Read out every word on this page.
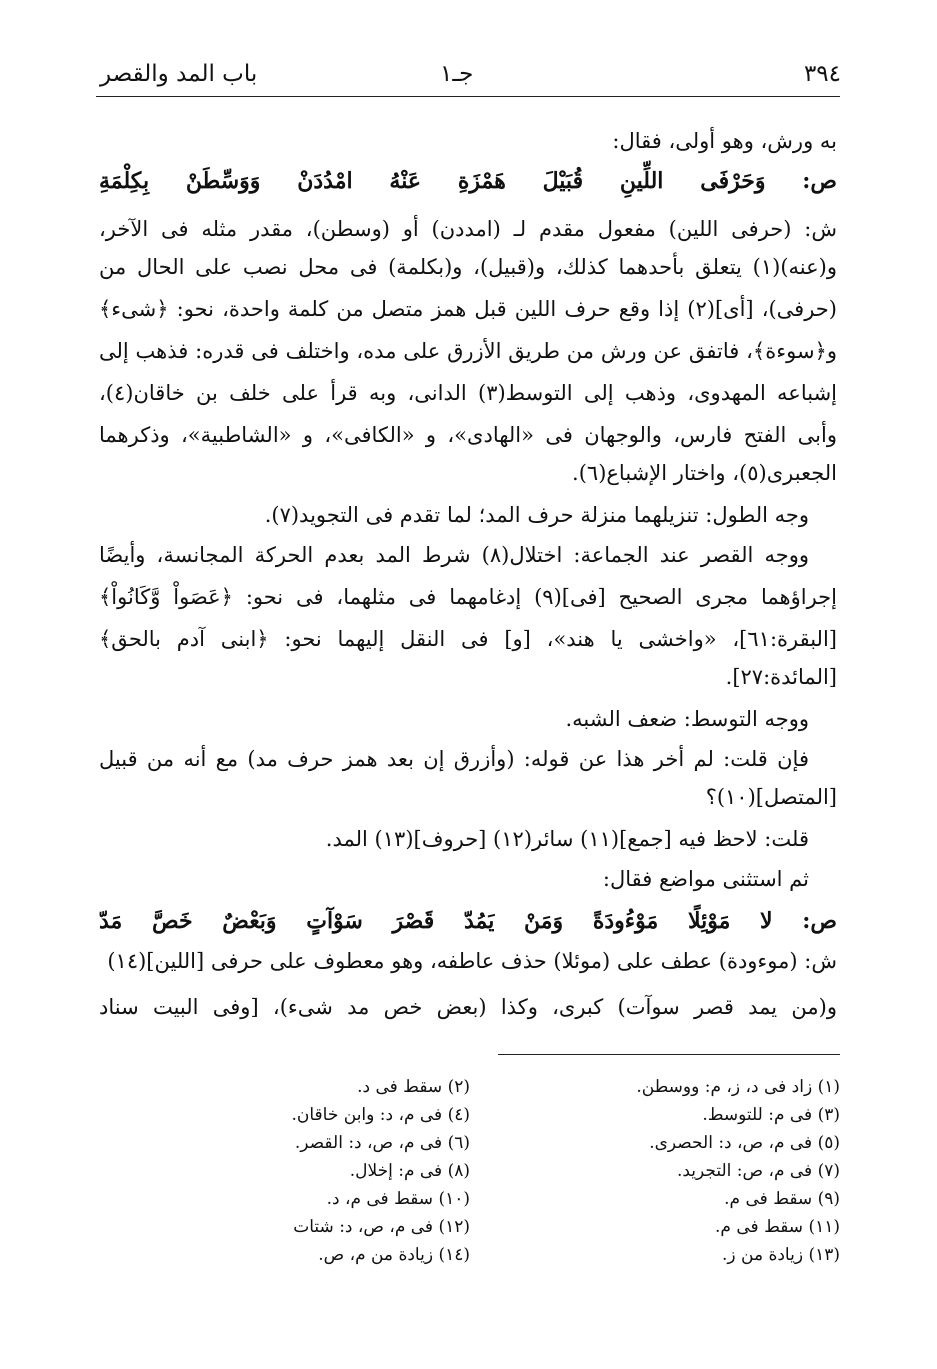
٣٩٤
جـ١
باب المد والقصر
به ورش، وهو أولى، فقال:
ص: وَحَرْفَى اللِّينِ قُبَيْلَ هَمْزَةِ عَنْهُ امْدُدَنْ وَوَسِّطَنْ بِكِلْمَةِ
ش: (حرفى اللين) مفعول مقدم لـ (امددن) أو (وسطن)، مقدر مثله فى الآخر،
و(عنه)(١) يتعلق بأحدهما كذلك، و(قبيل)، و(بكلمة) فى محل نصب على الحال من
(حرفى)، [أى](٢) إذا وقع حرف اللين قبل همز متصل من كلمة واحدة، نحو: ﴿شىء﴾
و﴿سوءة﴾، فاتفق عن ورش من طريق الأزرق على مده، واختلف فى قدره: فذهب إلى
إشباعه المهدوى، وذهب إلى التوسط(٣) الدانى، وبه قرأ على خلف بن خاقان(٤)،
وأبى الفتح فارس، والوجهان فى «الهادى»، و «الكافى»، و «الشاطبية»، وذكرهما
الجعبرى(٥)، واختار الإشباع(٦).
وجه الطول: تنزيلهما منزلة حرف المد؛ لما تقدم فى التجويد(٧).
ووجه القصر عند الجماعة: اختلال(٨) شرط المد بعدم الحركة المجانسة، وأيضًا
إجراؤهما مجرى الصحيح [فى](٩) إدغامهما فى مثلهما، فى نحو: ﴿عَصَواْ وَّكَانُواْ﴾
[البقرة:٦١]، «واخشى يا هند»، [و] فى النقل إليهما نحو: ﴿ابنى آدم بالحق﴾
[المائدة:٢٧].
ووجه التوسط: ضعف الشبه.
فإن قلت: لم أخر هذا عن قوله: (وأزرق إن بعد همز حرف مد) مع أنه من قبيل
[المتصل](١٠)؟
قلت: لاحظ فيه [جمع](١١) سائر(١٢) [حروف](١٣) المد.
ثم استثنى مواضع فقال:
ص: لا مَوْئِلًا مَوْءُودَةً وَمَنْ يَمُدّ قَصْرَ سَوْآتٍ وَبَعْضٌ خَصَّ مَدّ
ش: (موءودة) عطف على (موئلا) حذف عاطفه، وهو معطوف على حرفى [اللين](١٤)
و(من يمد قصر سوآت) كبرى، وكذا (بعض خص مد شىء)، [وفى البيت سناد
(١) زاد فى د، ز، م: ووسطن.
(٢) سقط فى د.
(٣) فى م: للتوسط.
(٤) فى م، د: وابن خاقان.
(٥) فى م، ص، د: الحصرى.
(٦) فى م، ص، د: القصر.
(٧) فى م، ص: التجريد.
(٨) فى م: إخلال.
(٩) سقط فى م.
(١٠) سقط فى م، د.
(١١) سقط فى م.
(١٢) فى م، ص، د: شتات
(١٣) زيادة من ز.
(١٤) زيادة من م، ص.
